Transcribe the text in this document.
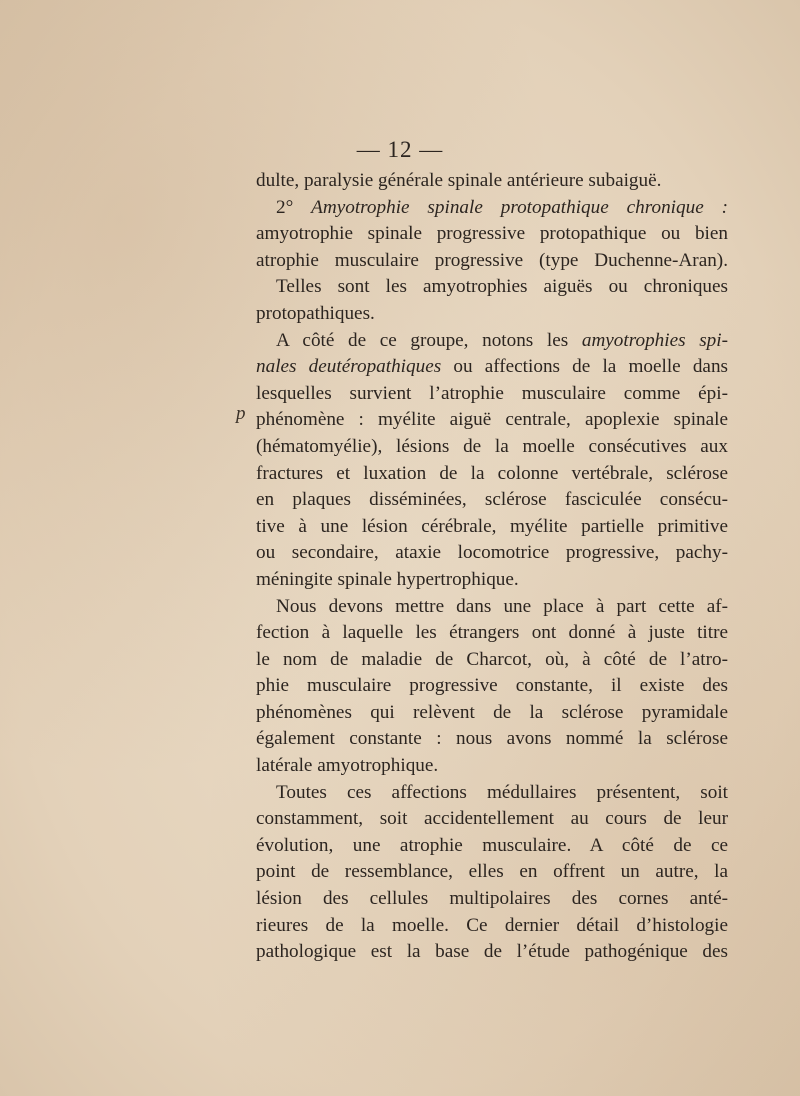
— 12 —
p
dulte, paralysie générale spinale antérieure subaiguë.
2° Amyotrophie spinale protopathique chronique :
amyotrophie spinale progressive protopathique ou bien
atrophie musculaire progressive (type Duchenne-Aran).
Telles sont les amyotrophies aiguës ou chroniques
protopathiques.
A côté de ce groupe, notons les amyotrophies spi-
nales deutéropathiques ou affections de la moelle dans
lesquelles survient l’atrophie musculaire comme épi-
phénomène : myélite aiguë centrale, apoplexie spinale
(hématomyélie), lésions de la moelle consécutives aux
fractures et luxation de la colonne vertébrale, sclérose
en plaques disséminées, sclérose fasciculée consécu-
tive à une lésion cérébrale, myélite partielle primitive
ou secondaire, ataxie locomotrice progressive, pachy-
méningite spinale hypertrophique.
Nous devons mettre dans une place à part cette af-
fection à laquelle les étrangers ont donné à juste titre
le nom de maladie de Charcot, où, à côté de l’atro-
phie musculaire progressive constante, il existe des
phénomènes qui relèvent de la sclérose pyramidale
également constante : nous avons nommé la sclérose
latérale amyotrophique.
Toutes ces affections médullaires présentent, soit
constamment, soit accidentellement au cours de leur
évolution, une atrophie musculaire. A côté de ce
point de ressemblance, elles en offrent un autre, la
lésion des cellules multipolaires des cornes anté-
rieures de la moelle. Ce dernier détail d’histologie
pathologique est la base de l’étude pathogénique des
